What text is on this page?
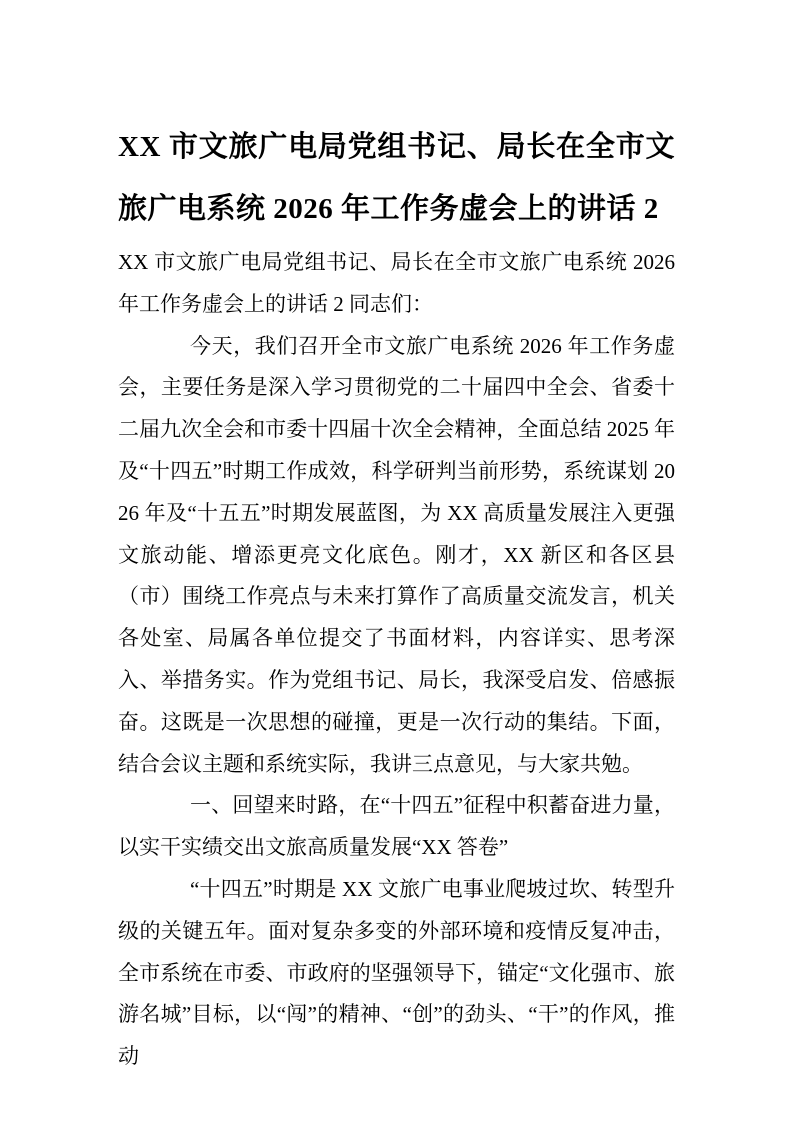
XX 市文旅广电局党组书记、局长在全市文旅广电系统 2026 年工作务虚会上的讲话 2

XX 市文旅广电局党组书记、局长在全市文旅广电系统 2026 年工作务虚会上的讲话 2 同志们：

今天，我们召开全市文旅广电系统 2026 年工作务虚会，主要任务是深入学习贯彻党的二十届四中全会、省委十二届九次全会和市委十四届十次全会精神，全面总结 2025 年及“十四五”时期工作成效，科学研判当前形势，系统谋划 2026 年及“十五五”时期发展蓝图，为 XX 高质量发展注入更强文旅动能、增添更亮文化底色。刚才，XX 新区和各区县（市）围绕工作亮点与未来打算作了高质量交流发言，机关各处室、局属各单位提交了书面材料，内容详实、思考深入、举措务实。作为党组书记、局长，我深受启发、倍感振奋。这既是一次思想的碰撞，更是一次行动的集结。下面，结合会议主题和系统实际，我讲三点意见，与大家共勉。

一、回望来时路，在“十四五”征程中积蓄奋进力量，以实干实绩交出文旅高质量发展“XX 答卷”

“十四五”时期是 XX 文旅广电事业爬坡过坎、转型升级的关键五年。面对复杂多变的外部环境和疫情反复冲击，全市系统在市委、市政府的坚强领导下，锚定“文化强市、旅游名城”目标，以“闯”的精神、“创”的劲头、“干”的作风，推动
